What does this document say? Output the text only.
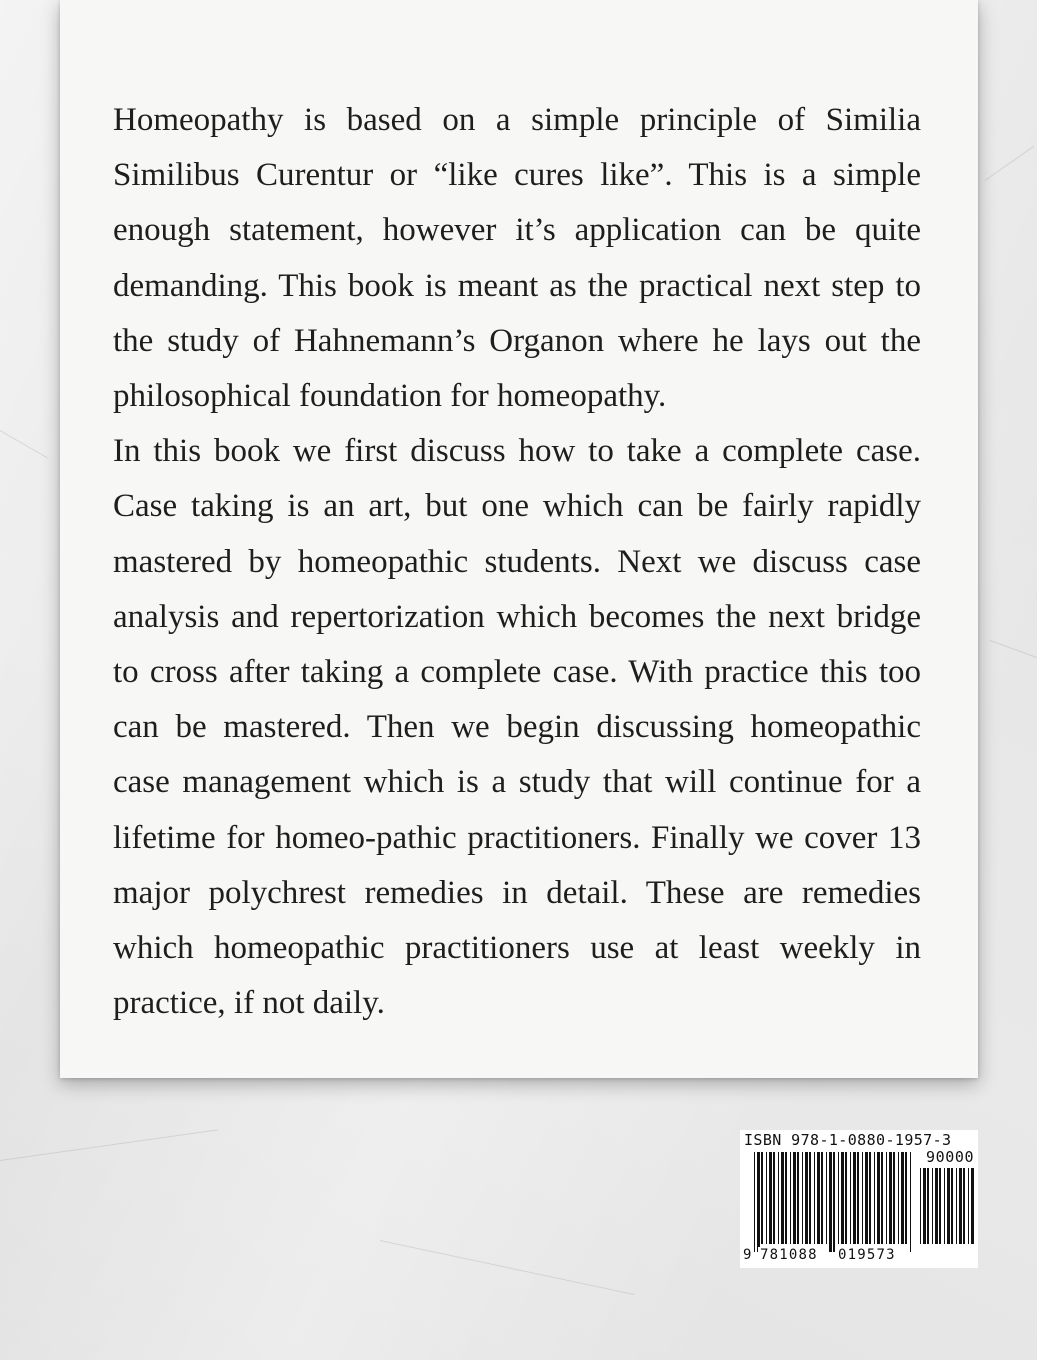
Homeopathy is based on a simple principle of Similia Similibus Curentur or “like cures like”. This is a simple enough statement, however it’s application can be quite demanding. This book is meant as the practical next step to the study of Hahnemann’s Organon where he lays out the philosophical foundation for homeopathy.

In this book we first discuss how to take a complete case. Case taking is an art, but one which can be fairly rapidly mastered by homeopathic students. Next we discuss case analysis and repertorization which becomes the next bridge to cross after taking a complete case. With practice this too can be mastered. Then we begin discussing homeopathic case management which is a study that will continue for a lifetime for homeo-pathic practitioners. Finally we cover 13 major polychrest remedies in detail. These are remedies which homeopathic practitioners use at least weekly in practice, if not daily.

ISBN 978-1-0880-1957-3
90000
9 781088 019573
